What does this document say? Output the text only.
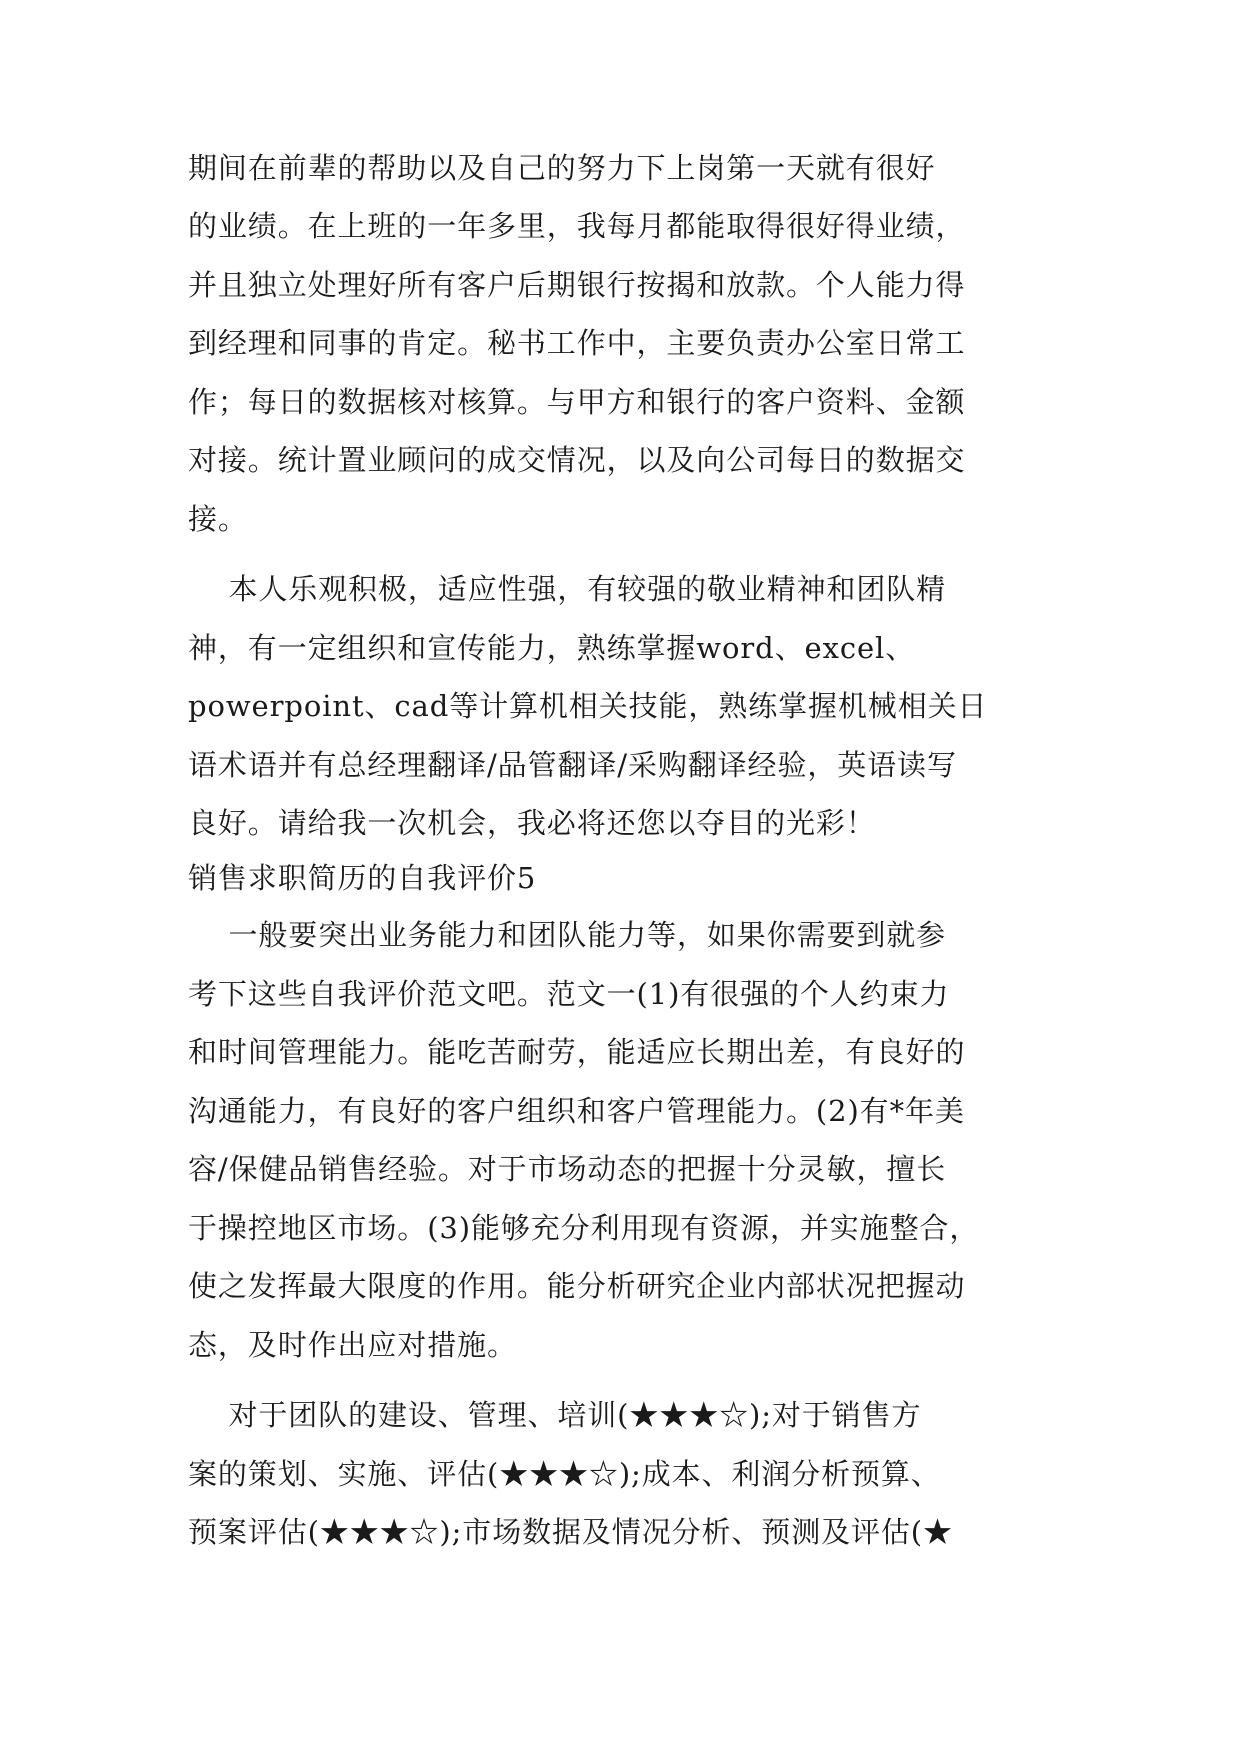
期间在前辈的帮助以及自己的努力下上岗第一天就有很好
的业绩。在上班的一年多里，我每月都能取得很好得业绩，
并且独立处理好所有客户后期银行按揭和放款。个人能力得
到经理和同事的肯定。秘书工作中，主要负责办公室日常工
作；每日的数据核对核算。与甲方和银行的客户资料、金额
对接。统计置业顾问的成交情况，以及向公司每日的数据交
接。
本人乐观积极，适应性强，有较强的敬业精神和团队精
神，有一定组织和宣传能力，熟练掌握word、excel、
powerpoint、cad等计算机相关技能，熟练掌握机械相关日
语术语并有总经理翻译/品管翻译/采购翻译经验，英语读写
良好。请给我一次机会，我必将还您以夺目的光彩！
销售求职简历的自我评价5
一般要突出业务能力和团队能力等，如果你需要到就参
考下这些自我评价范文吧。范文一(1)有很强的个人约束力
和时间管理能力。能吃苦耐劳，能适应长期出差，有良好的
沟通能力，有良好的客户组织和客户管理能力。(2)有*年美
容/保健品销售经验。对于市场动态的把握十分灵敏，擅长
于操控地区市场。(3)能够充分利用现有资源，并实施整合，
使之发挥最大限度的作用。能分析研究企业内部状况把握动
态，及时作出应对措施。
对于团队的建设、管理、培训(★★★☆);对于销售方
案的策划、实施、评估(★★★☆);成本、利润分析预算、
预案评估(★★★☆);市场数据及情况分析、预测及评估(★
